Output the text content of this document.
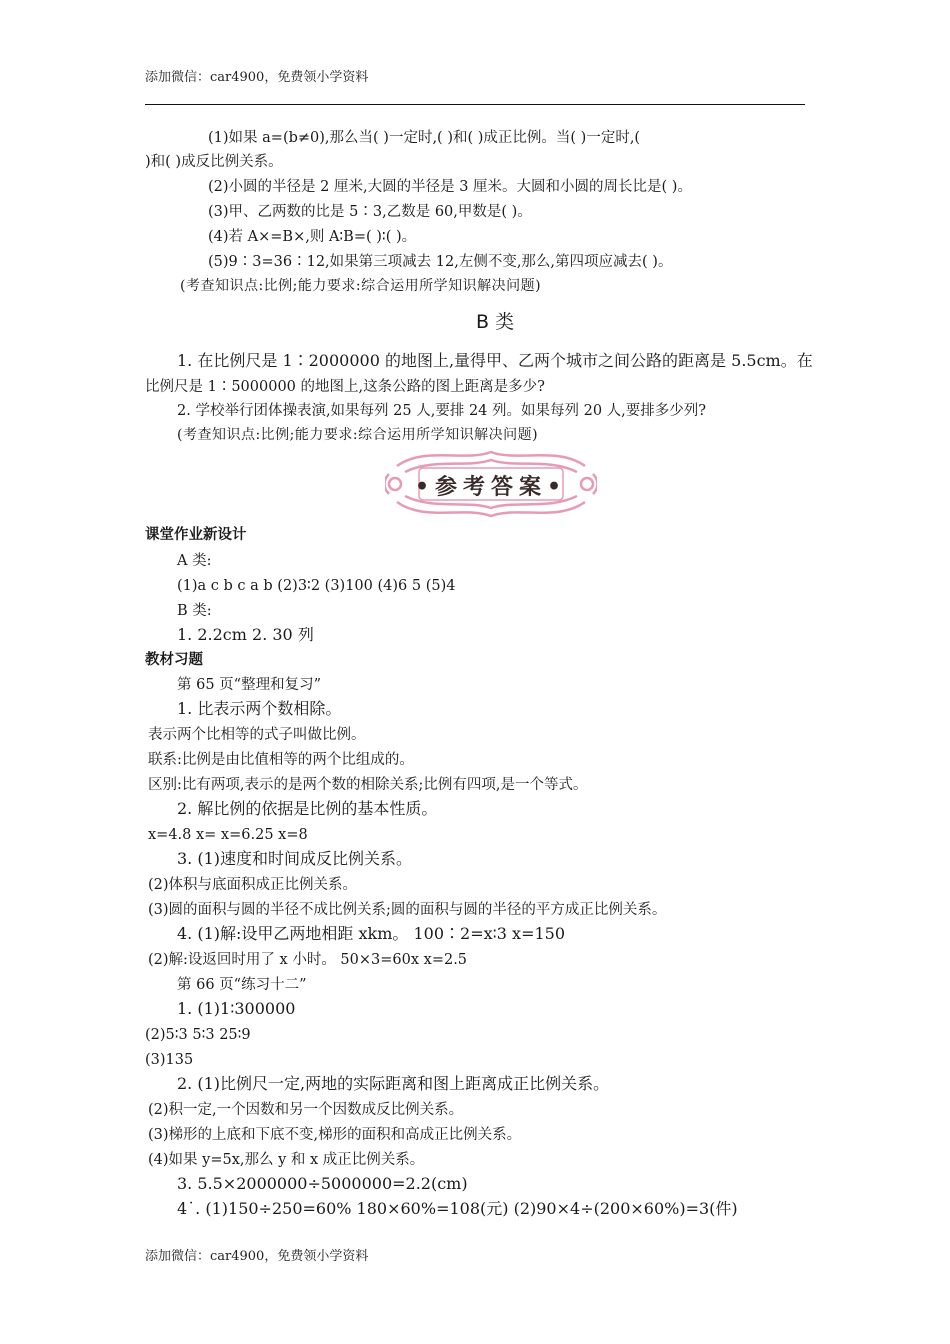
添加微信：car4900，免费领小学资料
(1)如果 a=(b≠0),那么当( )一定时,( )和( )成正比例。当( )一定时,(
)和( )成反比例关系。
(2)小圆的半径是 2 厘米,大圆的半径是 3 厘米。大圆和小圆的周长比是( )。
(3)甲、乙两数的比是 5∶3,乙数是 60,甲数是( )。
(4)若 A×=B×,则 A∶B=( )∶( )。
(5)9∶3=36∶12,如果第三项减去 12,左侧不变,那么,第四项应减去( )。
(考查知识点:比例;能力要求:综合运用所学知识解决问题)
B 类
1. 在比例尺是 1∶2000000 的地图上,量得甲、乙两个城市之间公路的距离是 5.5cm。在
比例尺是 1∶5000000 的地图上,这条公路的图上距离是多少?
2. 学校举行团体操表演,如果每列 25 人,要排 24 列。如果每列 20 人,要排多少列?
(考查知识点:比例;能力要求:综合运用所学知识解决问题)
•参考答案•
课堂作业新设计
A 类:
(1)a c b c a b (2)3∶2 (3)100 (4)6 5 (5)4
B 类:
1. 2.2cm 2. 30 列
教材习题
第 65 页“整理和复习”
1. 比表示两个数相除。
表示两个比相等的式子叫做比例。
联系:比例是由比值相等的两个比组成的。
区别:比有两项,表示的是两个数的相除关系;比例有四项,是一个等式。
2. 解比例的依据是比例的基本性质。
x=4.8 x= x=6.25 x=8
3. (1)速度和时间成反比例关系。
(2)体积与底面积成正比例关系。
(3)圆的面积与圆的半径不成比例关系;圆的面积与圆的半径的平方成正比例关系。
4. (1)解:设甲乙两地相距 xkm。 100∶2=x∶3 x=150
(2)解:设返回时用了 x 小时。 50×3=60x x=2.5
第 66 页“练习十二”
1. (1)1∶300000
(2)5∶3 5∶3 25∶9
(3)135
2. (1)比例尺一定,两地的实际距离和图上距离成正比例关系。
(2)积一定,一个因数和另一个因数成反比例关系。
(3)梯形的上底和下底不变,梯形的面积和高成正比例关系。
(4)如果 y=5x,那么 y 和 x 成正比例关系。
3. 5.5×2000000÷5000000=2.2(cm)
4˙. (1)150÷250=60% 180×60%=108(元) (2)90×4÷(200×60%)=3(件)
添加微信：car4900，免费领小学资料
